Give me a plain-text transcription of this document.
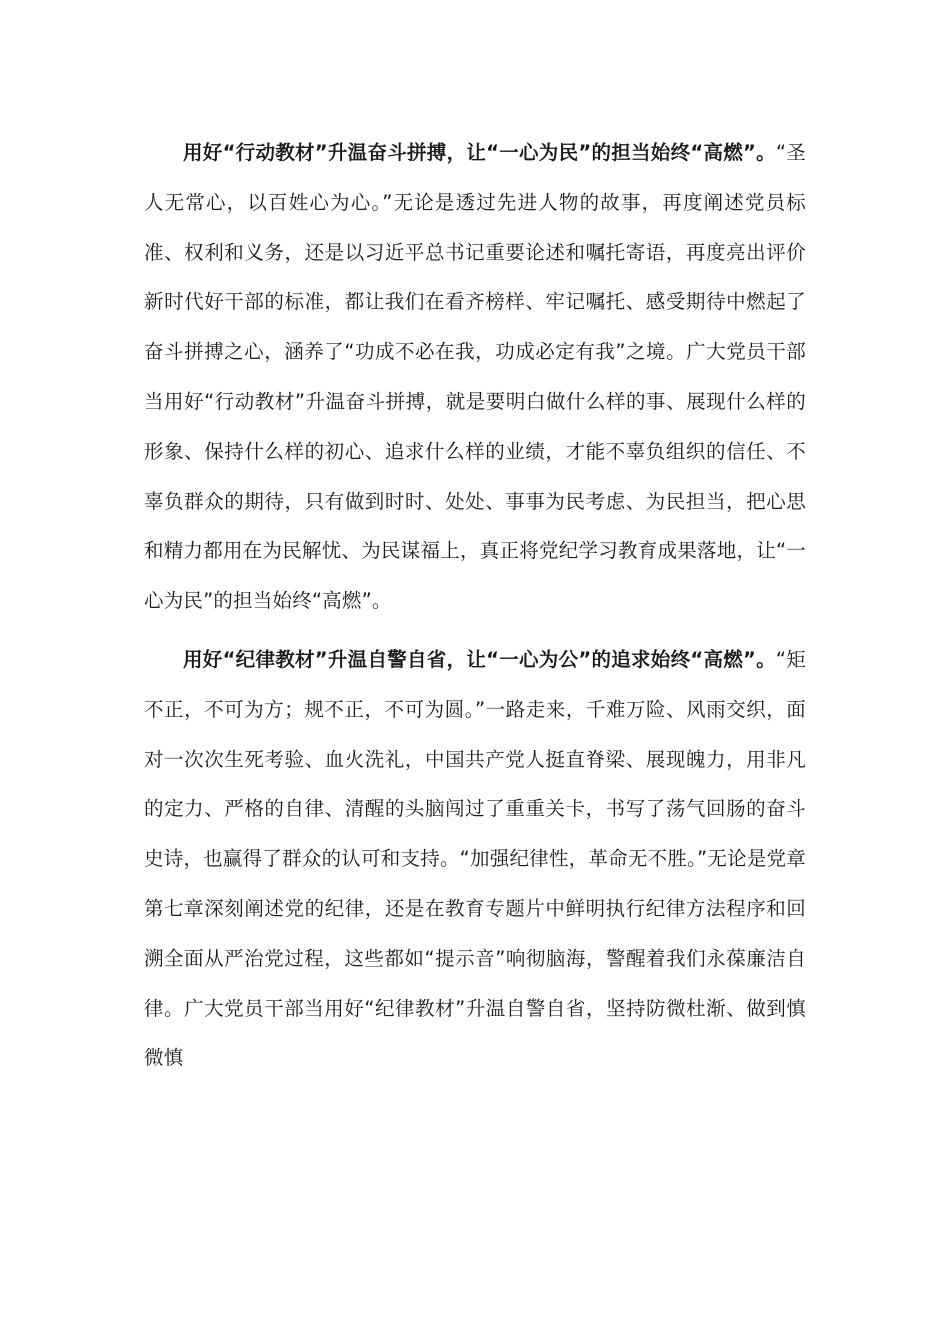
用好“行动教材”升温奋斗拼搏，让“一心为民”的担当始终“高燃”。“圣人无常心，以百姓心为心。”无论是透过先进人物的故事，再度阐述党员标准、权利和义务，还是以习近平总书记重要论述和嘱托寄语，再度亮出评价新时代好干部的标准，都让我们在看齐榜样、牢记嘱托、感受期待中燃起了奋斗拼搏之心，涵养了“功成不必在我，功成必定有我”之境。广大党员干部当用好“行动教材”升温奋斗拼搏，就是要明白做什么样的事、展现什么样的形象、保持什么样的初心、追求什么样的业绩，才能不辜负组织的信任、不辜负群众的期待，只有做到时时、处处、事事为民考虑、为民担当，把心思和精力都用在为民解忧、为民谋福上，真正将党纪学习教育成果落地，让“一心为民”的担当始终“高燃”。

用好“纪律教材”升温自警自省，让“一心为公”的追求始终“高燃”。“矩不正，不可为方；规不正，不可为圆。”一路走来，千难万险、风雨交织，面对一次次生死考验、血火洗礼，中国共产党人挺直脊梁、展现魄力，用非凡的定力、严格的自律、清醒的头脑闯过了重重关卡，书写了荡气回肠的奋斗史诗，也赢得了群众的认可和支持。“加强纪律性，革命无不胜。”无论是党章第七章深刻阐述党的纪律，还是在教育专题片中鲜明执行纪律方法程序和回溯全面从严治党过程，这些都如“提示音”响彻脑海，警醒着我们永葆廉洁自律。广大党员干部当用好“纪律教材”升温自警自省，坚持防微杜渐、做到慎微慎
